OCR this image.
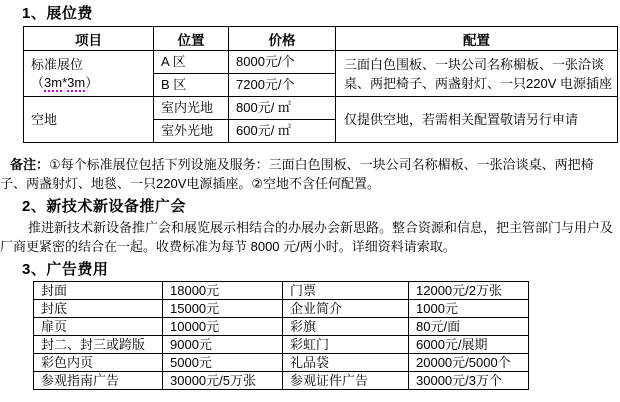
1、展位费
项目	位置	价格	配置
标准展位（3m*3m）	A 区	8000元/个	三面白色围板、一块公司名称楣板、一张洽谈桌、两把椅子、两盏射灯、一只220V 电源插座
	B 区	7200元/个	
空地	室内光地	800元/ ㎡	仅提供空地，若需相关配置敬请另行申请
	室外光地	600元/ ㎡	

备注：①每个标准展位包括下列设施及服务：三面白色围板、一块公司名称楣板、一张洽谈桌、两把椅子、两盏射灯、地毯、一只220V电源插座。②空地不含任何配置。

2、新技术新设备推广会

推进新技术新设备推广会和展览展示相结合的办展办会新思路。整合资源和信息，把主管部门与用户及厂商更紧密的结合在一起。收费标准为每节 8000 元/两小时。详细资料请索取。

3、广告费用
封面	18000元	门票	12000元/2万张
封底	15000元	企业简介	1000元
扉页	10000元	彩旗	80元/面
封二、封三或跨版	9000元	彩虹门	6000元/展期
彩色内页	5000元	礼品袋	20000元/5000个
参观指南广告	30000元/5万张	参观证件广告	30000元/3万个
